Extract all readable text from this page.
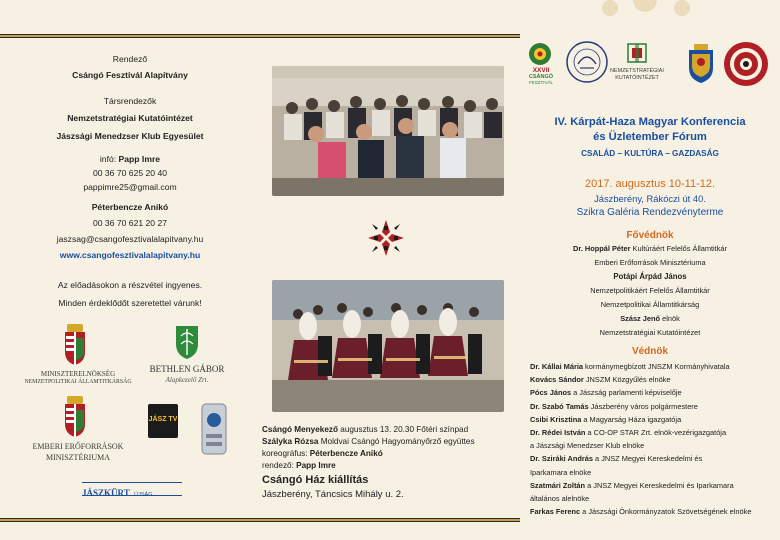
Rendező
Csángó Fesztivál Alapítvány
Társrendezők
Nemzetstratégiai Kutatóintézet
Jászsági Menedzser Klub Egyesület
infó: Papp Imre
00 36 70 625 20 40
pappimre25@gmail.com
Péterbencze Anikó
00 36 70 621 20 27
jaszsag@csangofesztivalalapitvany.hu
www.csangofesztivalalapitvany.hu
Az előadásokon a részvétel ingyenes.
Minden érdeklődőt szeretettel várunk!
MINISZTERELNÖKSÉG
NEMZETPOLITIKAI ÁLLAMTITKÁRSÁG
BETHLEN GÁBOR
Alapkezelő Zrt.
EMBERI ERŐFORRÁSOK
MINISZTÉRIUMA
JÁSZ TV
JÁSZKÜRT ÚJSÁG
Csángó Menyekező augusztus 13. 20.30 Főtéri színpad
Szályka Rózsa Moldvai Csángó Hagyományőrző együttes
koreográfus: Péterbencze Anikó
rendező: Papp Imre
Csángó Ház kiállítás
Jászberény, Táncsics Mihály u. 2.
XXVII
CSÁNGÓ
FESZTIVÁL
NEMZETSTRATÉGIAI
KUTATÓINTÉZET
IV. Kárpát-Haza Magyar Konferencia
és Üzletember Fórum
CSALÁD – KULTÚRA – GAZDASÁG
2017. augusztus 10-11-12.
Jászberény, Rákóczi út 40.
Szikra Galéria Rendezvényterme
Fővédnök
Dr. Hoppál Péter Kultúráért Felelős Államtitkár
Emberi Erőforrások Minisztériuma
Potápi Árpád János
Nemzetpolitikáért Felelős Államtitkár
Nemzetpolitikai Államtitkárság
Szász Jenő elnök
Nemzetstratégiai Kutatóintézet
Védnök
Dr. Kállai Mária kormánymegbízott JNSZM Kormányhivatala
Kovács Sándor JNSZM Közgyűlés elnöke
Pócs János a Jászság parlamenti képviselője
Dr. Szabó Tamás Jászberény város polgármestere
Csibi Krisztina a Magyarság Háza igazgatója
Dr. Rédei István a CO-OP STAR Zrt. elnök-vezérigazgatója
a Jászsági Menedzser Klub elnöke
Dr. Sziráki András a JNSZ Megyei Kereskedelmi és
Iparkamara elnöke
Szatmári Zoltán a JNSZ Megyei Kereskedelmi és Iparkamara
általános alelnöke
Farkas Ferenc a Jászsági Önkormányzatok Szövetségének elnöke
